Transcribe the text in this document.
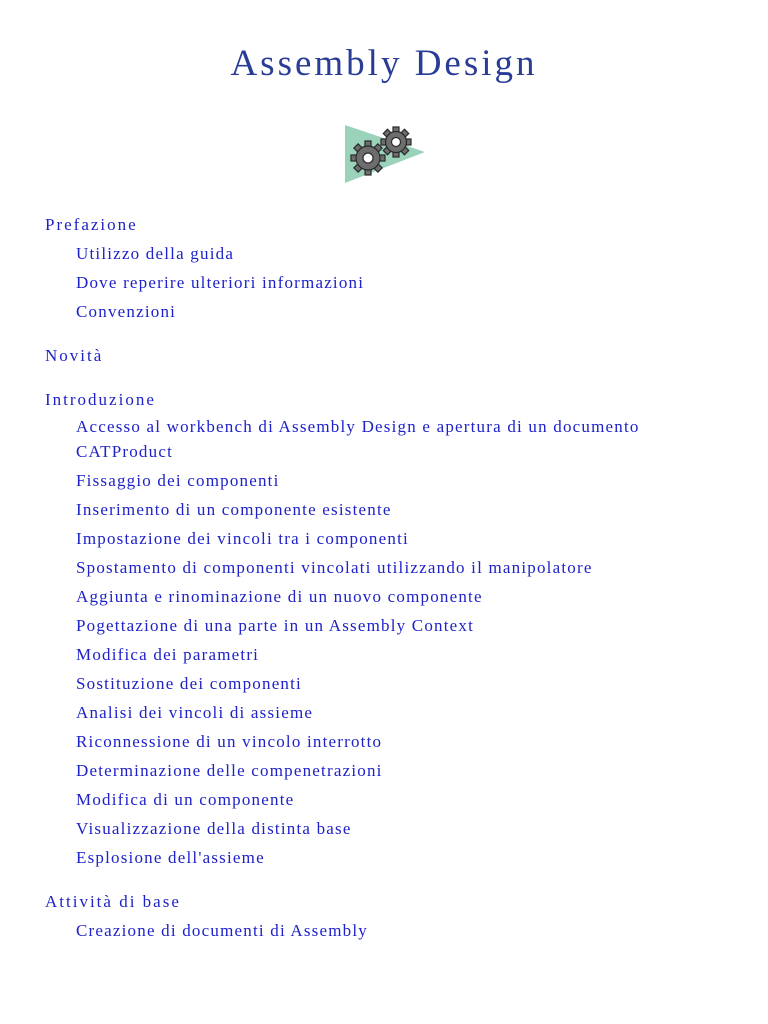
Assembly Design
Prefazione
Utilizzo della guida
Dove reperire ulteriori informazioni
Convenzioni
Novità
Introduzione
Accesso al workbench di Assembly Design e apertura di un documento CATProduct
Fissaggio dei componenti
Inserimento di un componente esistente
Impostazione dei vincoli tra i componenti
Spostamento di componenti vincolati utilizzando il manipolatore
Aggiunta e rinominazione di un nuovo componente
Pogettazione di una parte in un Assembly Context
Modifica dei parametri
Sostituzione dei componenti
Analisi dei vincoli di assieme
Riconnessione di un vincolo interrotto
Determinazione delle compenetrazioni
Modifica di un componente
Visualizzazione della distinta base
Esplosione dell'assieme
Attività di base
Creazione di documenti di Assembly
